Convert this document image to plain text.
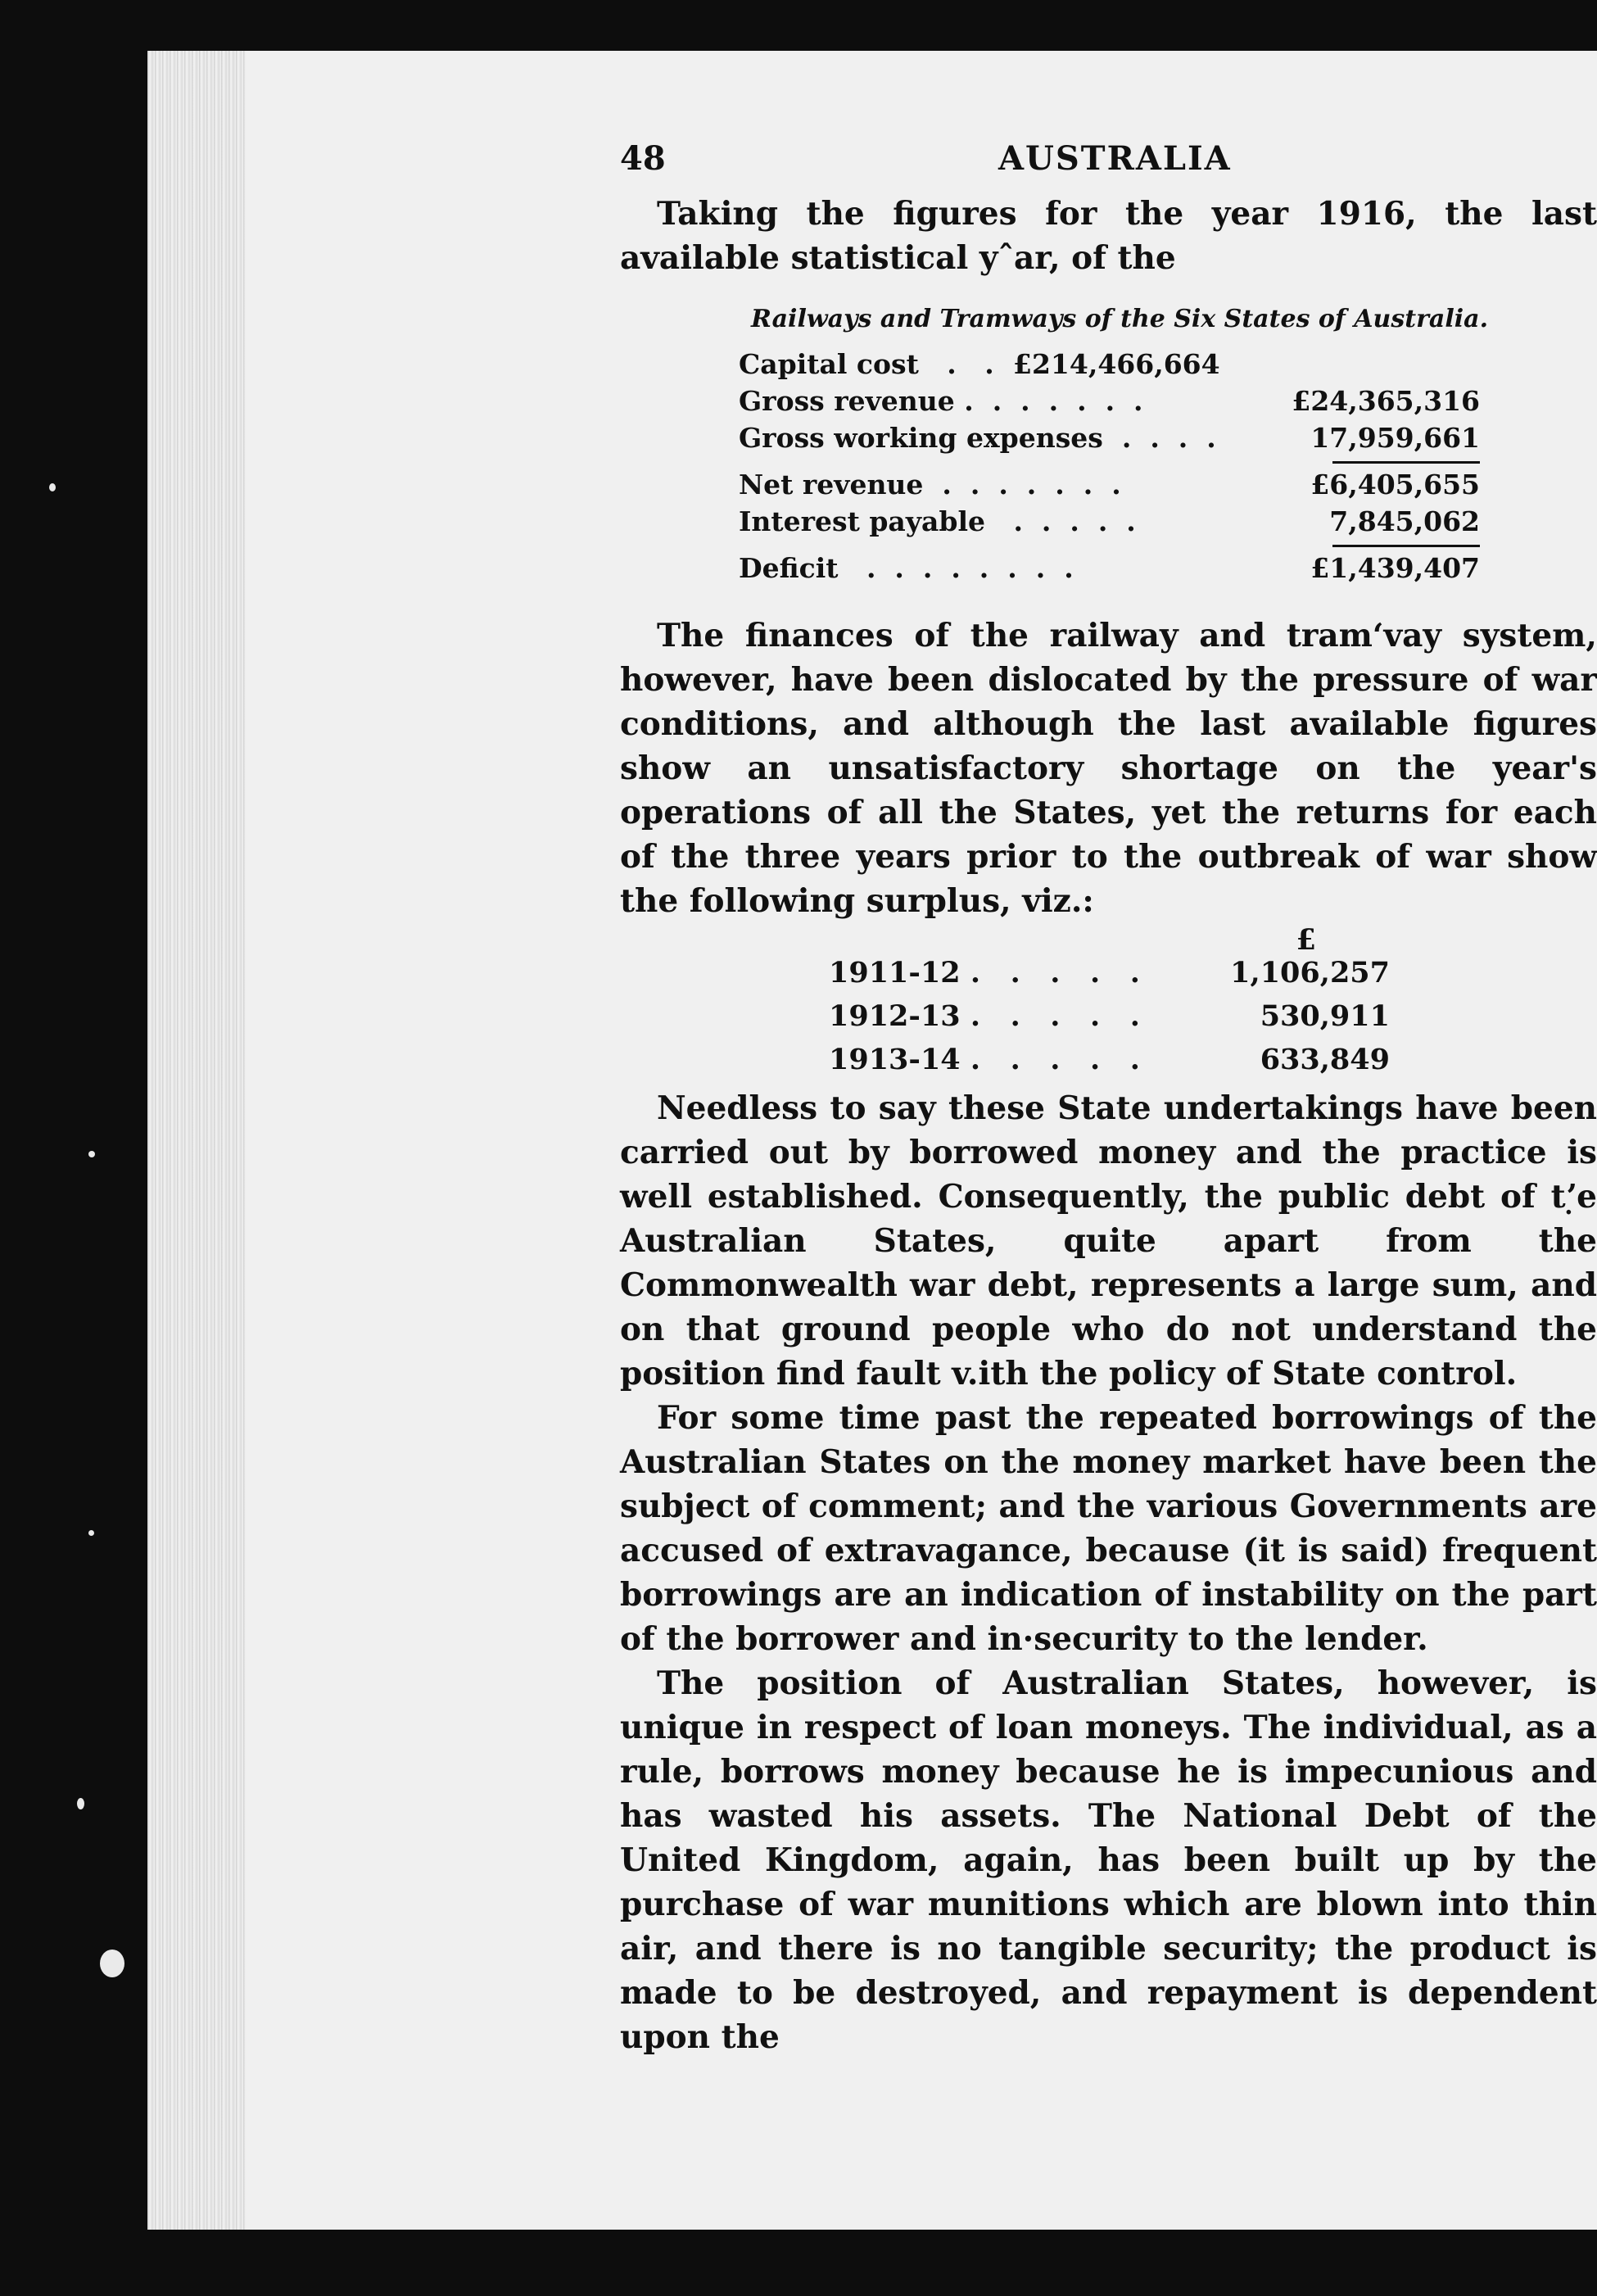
48	AUSTRALIA

Taking the figures for the year 1916, the last available statistical yˆar, of the

Railways and Tramways of the Six States of Australia.
Capital cost   .   . £214,466,664
Gross revenue .  .  .  .  .  .  .	£24,365,316
Gross working expenses  .  .  .  .	17,959,661
Net revenue  .  .  .  .  .  .  .	£6,405,655
Interest payable   .  .  .  .  .	7,845,062
Deficit   .  .  .  .  .  .  .  .	£1,439,407

The finances of the railway and tramʻvay system, however, have been dislocated by the pressure of war conditions, and although the last available figures show an unsatisfactory shortage on the year's operations of all the States, yet the returns for each of the three years prior to the outbreak of war show the following surplus, viz.:

£
1911-12 .   .   .   .   .	1,106,257
1912-13 .   .   .   .   .	530,911
1913-14 .   .   .   .   .	633,849

Needless to say these State undertakings have been carried out by borrowed money and the practice is well established. Consequently, the public debt of tʼ̣e Australian States, quite apart from the Commonwealth war debt, represents a large sum, and on that ground people who do not understand the position find fault v.ith the policy of State control.

For some time past the repeated borrowings of the Australian States on the money market have been the subject of comment; and the various Governments are accused of extravagance, because (it is said) frequent borrowings are an indication of instability on the part of the borrower and in·security to the lender.

The position of Australian States, however, is unique in respect of loan moneys. The individual, as a rule, borrows money because he is impecunious and has wasted his assets. The National Debt of the United Kingdom, again, has been built up by the purchase of war munitions which are blown into thin air, and there is no tangible security; the product is made to be destroyed, and repayment is dependent upon the
